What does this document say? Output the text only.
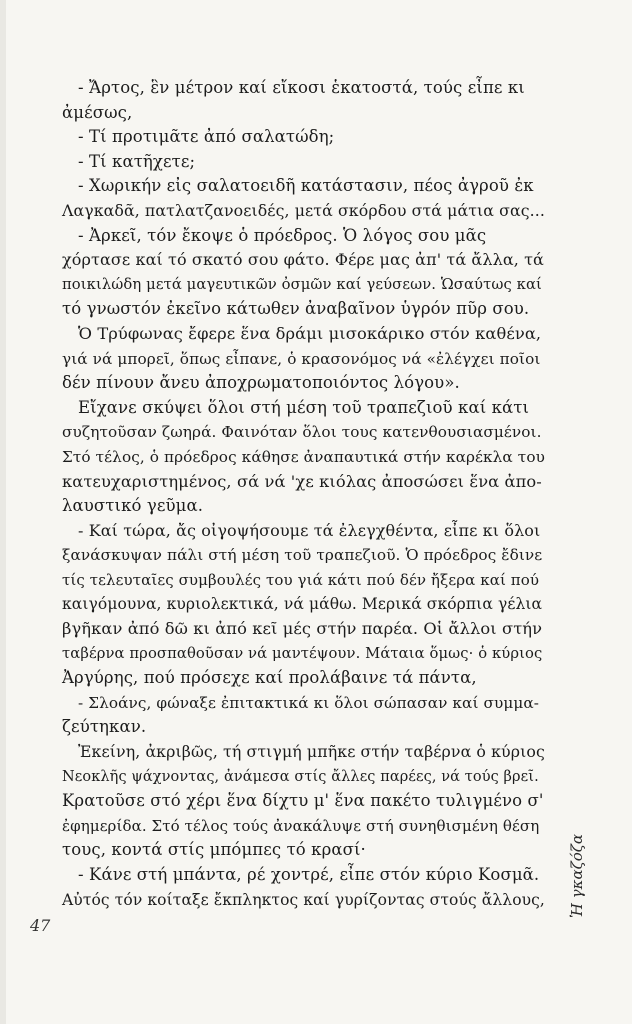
- Ἄρτος, ἓν μέτρον καί εἴκοσι ἑκατοστά, τούς εἶπε κι
ἀμέσως,
- Τί προτιμᾶτε ἀπό σαλατώδη;
- Τί κατῆχετε;
- Χωρικήν εἰς σαλατοειδῆ κατάστασιν, πέος ἀγροῦ ἐκ
Λαγκαδᾶ, πατλατζανοειδές, μετά σκόρδου στά μάτια σας...
- Ἀρκεῖ, τόν ἔκοψε ὁ πρόεδρος. Ὁ λόγος σου μᾶς
χόρτασε καί τό σκατό σου φάτο. Φέρε μας ἀπ' τά ἄλλα, τά
ποικιλώδη μετά μαγευτικῶν ὀσμῶν καί γεύσεων. Ὡσαύτως καί
τό γνωστόν ἐκεῖνο κάτωθεν ἀναβαῖνον ὑγρόν πῦρ σου.
Ὁ Τρύφωνας ἔφερε ἕνα δράμι μισοκάρικο στόν καθένα,
γιά νά μπορεῖ, ὅπως εἶπανε, ὁ κρασονόμος νά «ἐλέγχει ποῖοι
δέν πίνουν ἄνευ ἀποχρωματοποιόντος λόγου».
Εἴχανε σκύψει ὅλοι στή μέση τοῦ τραπεζιοῦ καί κάτι
συζητοῦσαν ζωηρά. Φαινόταν ὅλοι τους κατενθουσιασμένοι.
Στό τέλος, ὁ πρόεδρος κάθησε ἀναπαυτικά στήν καρέκλα του
κατευχαριστημένος, σά νά 'χε κιόλας ἀποσώσει ἕνα ἀπο-
λαυστικό γεῦμα.
- Καί τώρα, ἄς οἰγοψήσουμε τά ἐλεγχθέντα, εἶπε κι ὅλοι
ξανάσκυψαν πάλι στή μέση τοῦ τραπεζιοῦ. Ὁ πρόεδρος ἔδινε
τίς τελευταῖες συμβουλές του γιά κάτι πού δέν ἤξερα καί πού
καιγόμουνα, κυριολεκτικά, νά μάθω. Μερικά σκόρπια γέλια
βγῆκαν ἀπό δῶ κι ἀπό κεῖ μές στήν παρέα. Οἱ ἄλλοι στήν
ταβέρνα προσπαθοῦσαν νά μαντέψουν. Μάταια ὅμως· ὁ κύριος
Ἀργύρης, πού πρόσεχε καί προλάβαινε τά πάντα,
- Σλοάνς, φώναξε ἐπιτακτικά κι ὅλοι σώπασαν καί συμμα-
ζεύτηκαν.
Ἐκείνη, ἀκριβῶς, τή στιγμή μπῆκε στήν ταβέρνα ὁ κύριος
Νεοκλῆς ψάχνοντας, ἀνάμεσα στίς ἄλλες παρέες, νά τούς βρεῖ.
Κρατοῦσε στό χέρι ἕνα δίχτυ μ' ἕνα πακέτο τυλιγμένο σ'
ἐφημερίδα. Στό τέλος τούς ἀνακάλυψε στή συνηθισμένη θέση
τους, κοντά στίς μπόμπες τό κρασί·
- Κάνε στή μπάντα, ρέ χοντρέ, εἶπε στόν κύριο Κοσμᾶ.
Αὐτός τόν κοίταξε ἔκπληκτος καί γυρίζοντας στούς ἄλλους,
47
Ἡ γκαζόζα
